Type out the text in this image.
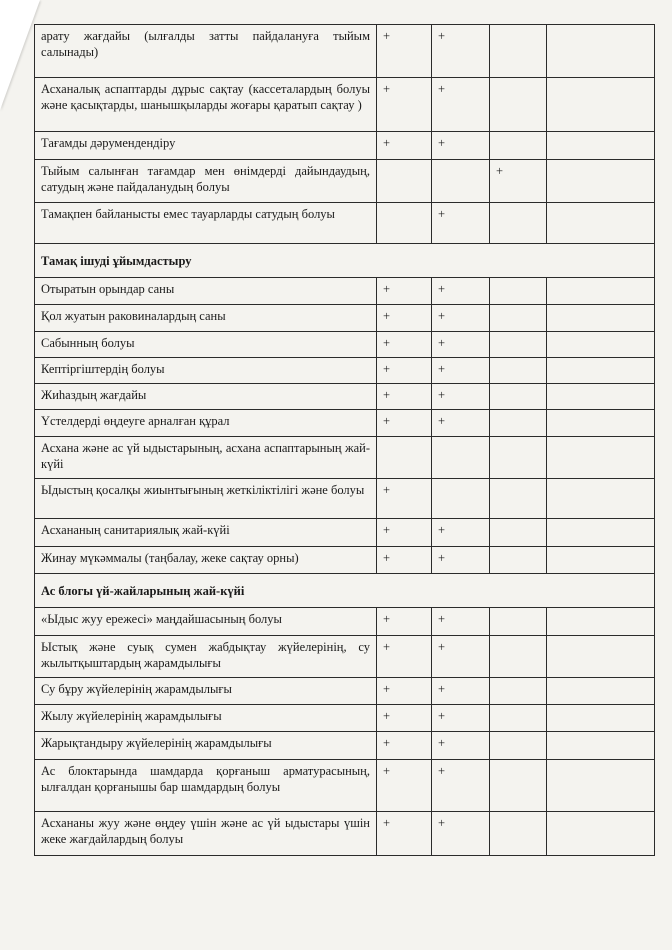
арату жағдайы (ылғалды затты пайдалануға тыйым салынады)	+	+		
Асханалық аспаптарды дұрыс сақтау (кассеталардың болуы және қасықтарды, шанышқыларды жоғары қаратып сақтау )	+	+		
Тағамды дәрумендендіру	+	+		
Тыйым салынған тағамдар мен өнімдерді дайындаудың, сатудың және пайдаланудың болуы			+	
Тамақпен байланысты емес тауарларды сатудың болуы		+		
Тамақ ішуді ұйымдастыру				
Отыратын орындар саны	+	+		
Қол жуатын раковиналардың саны	+	+		
Сабынның болуы	+	+		
Кептіргіштердің болуы	+	+		
Жиһаздың жағдайы	+	+		
Үстелдерді өңдеуге арналған құрал	+	+		
Асхана және ас үй ыдыстарының, асхана аспаптарының жай-күйі				
Ыдыстың қосалқы жиынтығының жеткіліктілігі және болуы	+			
Асхананың санитариялық жай-күйі	+	+		
Жинау мүкәммалы (таңбалау, жеке сақтау орны)	+	+		
Ас блогы үй-жайларының жай-күйі				
«Ыдыс жуу ережесі» маңдайшасының болуы	+	+		
Ыстық және суық сумен жабдықтау жүйелерінің, су жылытқыштардың жарамдылығы	+	+		
Су бұру жүйелерінің жарамдылығы	+	+		
Жылу жүйелерінің жарамдылығы	+	+		
Жарықтандыру жүйелерінің жарамдылығы	+	+		
Ас блоктарында шамдарда қорғаныш арматурасының, ылғалдан қорғанышы бар шамдардың болуы	+	+		
Асхананы жуу және өңдеу үшін және ас үй ыдыстары үшін жеке жағдайлардың болуы	+	+		
